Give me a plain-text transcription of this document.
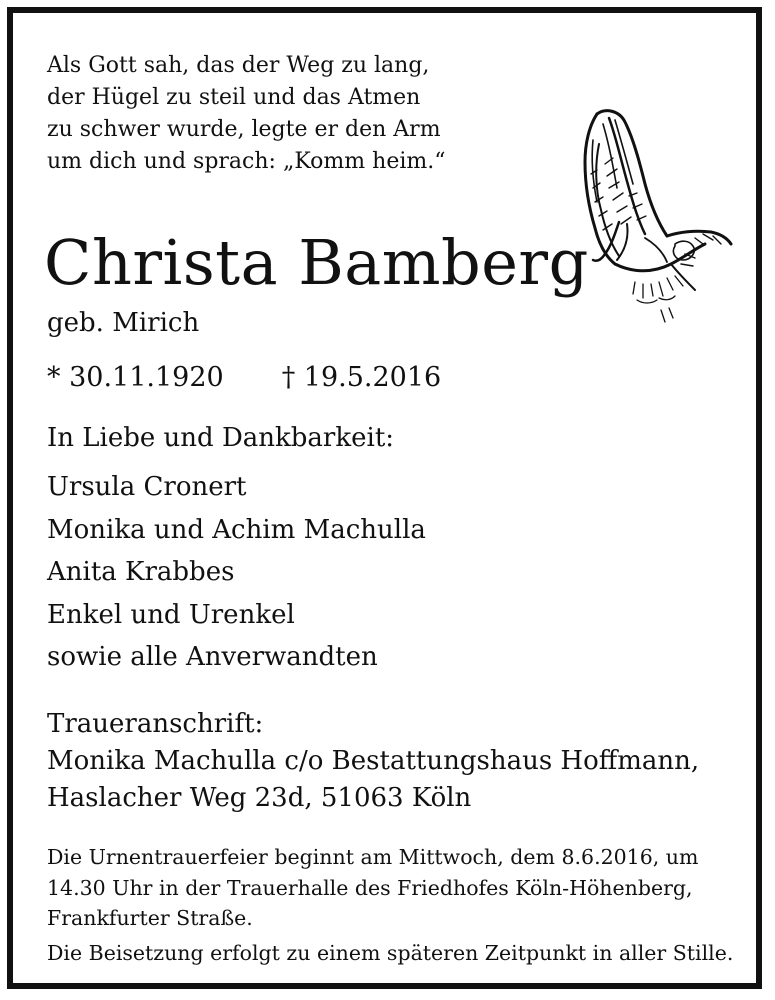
Als Gott sah, das der Weg zu lang,
der Hügel zu steil und das Atmen
zu schwer wurde, legte er den Arm
um dich und sprach: „Komm heim.“
Christa Bamberg
geb. Mirich
* 30.11.1920 † 19.5.2016
In Liebe und Dankbarkeit:
Ursula Cronert
Monika und Achim Machulla
Anita Krabbes
Enkel und Urenkel
sowie alle Anverwandten
Traueranschrift:
Monika Machulla c/o Bestattungshaus Hoffmann,
Haslacher Weg 23d, 51063 Köln
Die Urnentrauerfeier beginnt am Mittwoch, dem 8.6.2016, um
14.30 Uhr in der Trauerhalle des Friedhofes Köln-Höhenberg,
Frankfurter Straße.
Die Beisetzung erfolgt zu einem späteren Zeitpunkt in aller Stille.
